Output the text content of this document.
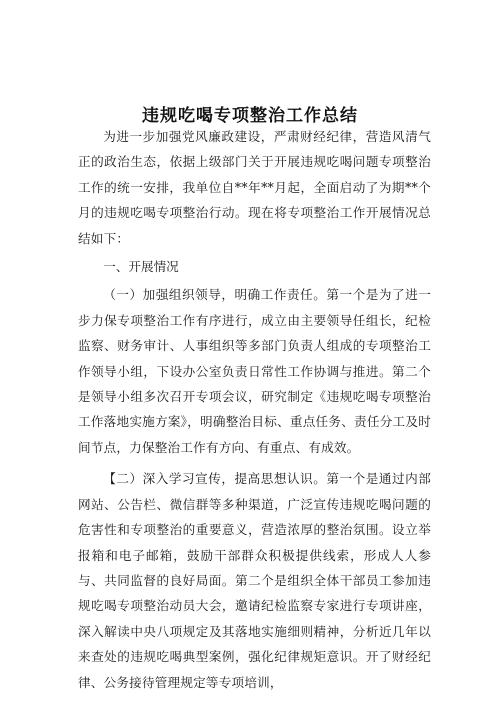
违规吃喝专项整治工作总结

为进一步加强党风廉政建设，严肃财经纪律，营造风清气正的政治生态，依据上级部门关于开展违规吃喝问题专项整治工作的统一安排，我单位自**年**月起，全面启动了为期**个月的违规吃喝专项整治行动。现在将专项整治工作开展情况总结如下：

一、开展情况

（一）加强组织领导，明确工作责任。第一个是为了进一步力保专项整治工作有序进行，成立由主要领导任组长，纪检监察、财务审计、人事组织等多部门负责人组成的专项整治工作领导小组，下设办公室负责日常性工作协调与推进。第二个是领导小组多次召开专项会议，研究制定《违规吃喝专项整治工作落地实施方案》，明确整治目标、重点任务、责任分工及时间节点，力保整治工作有方向、有重点、有成效。

【二）深入学习宣传，提高思想认识。第一个是通过内部网站、公告栏、微信群等多种渠道，广泛宣传违规吃喝问题的危害性和专项整治的重要意义，营造浓厚的整治氛围。设立举报箱和电子邮箱，鼓励干部群众积极提供线索，形成人人参与、共同监督的良好局面。第二个是组织全体干部员工参加违规吃喝专项整治动员大会，邀请纪检监察专家进行专项讲座，深入解读中央八项规定及其落地实施细则精神，分析近几年以来查处的违规吃喝典型案例，强化纪律规矩意识。开了财经纪律、公务接待管理规定等专项培训，
